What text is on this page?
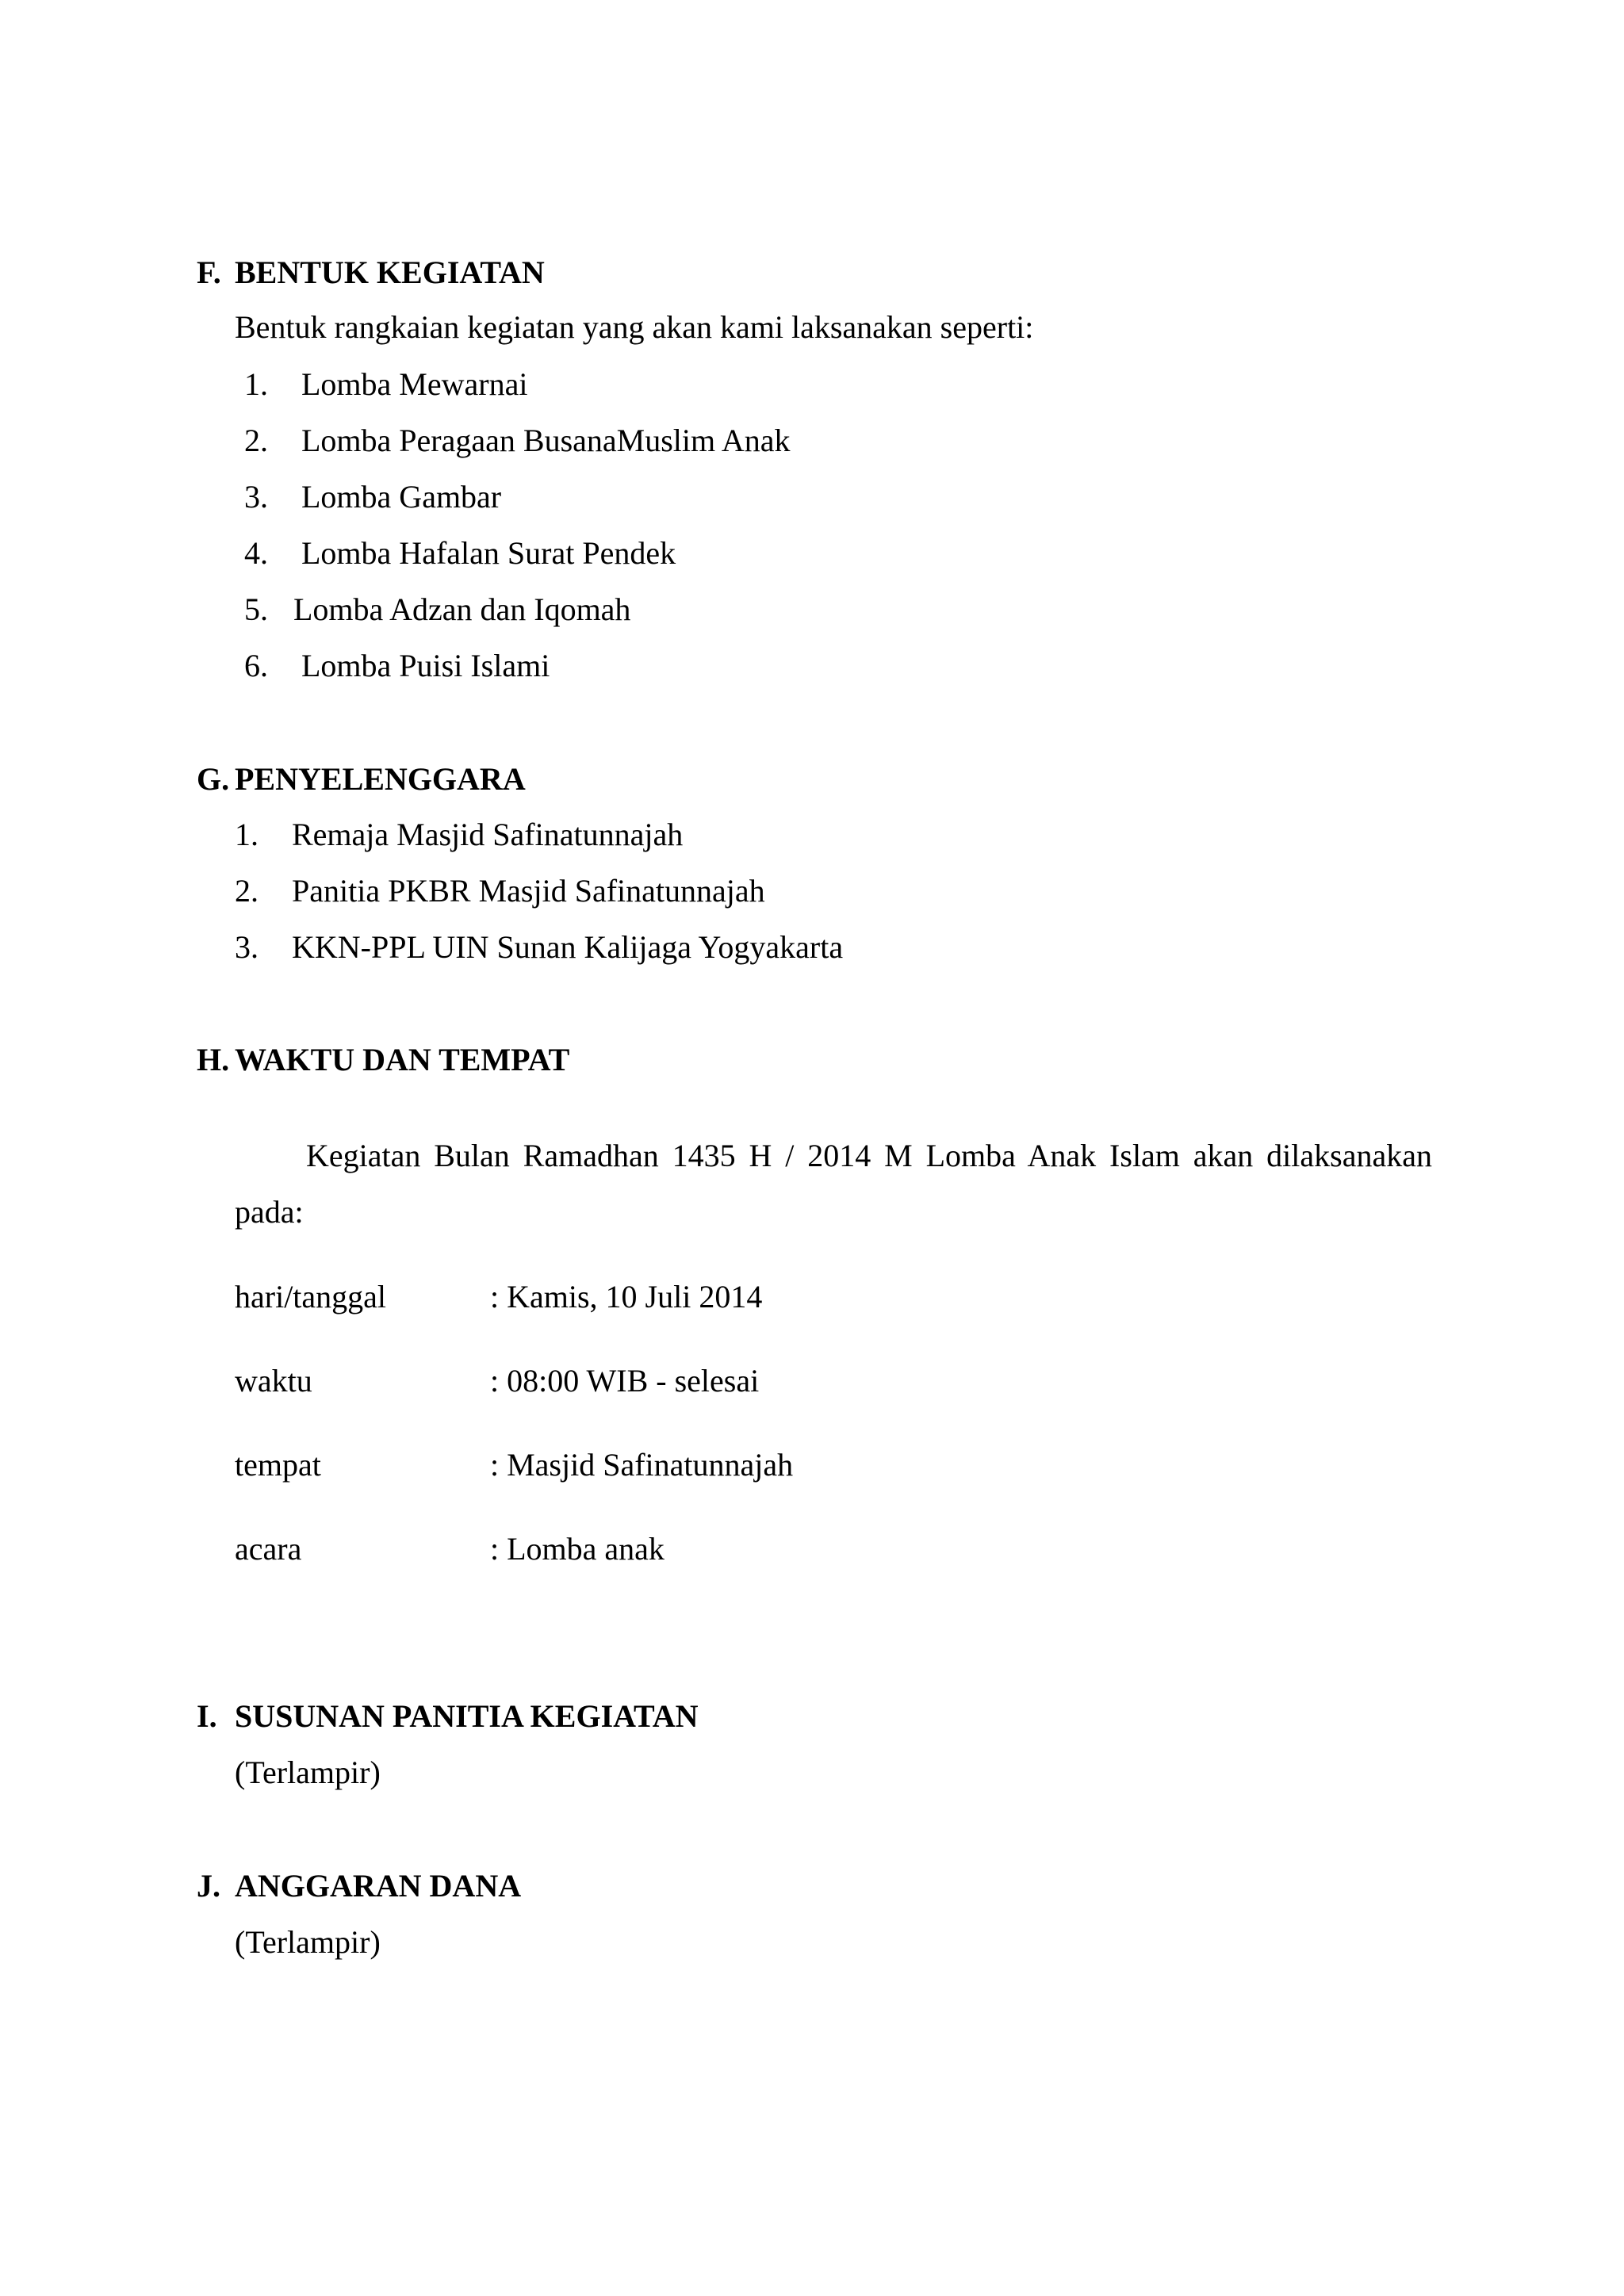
F. BENTUK KEGIATAN
Bentuk rangkaian kegiatan yang akan kami laksanakan seperti:
1. Lomba Mewarnai
2. Lomba Peragaan BusanaMuslim Anak
3. Lomba Gambar
4. Lomba Hafalan Surat Pendek
5. Lomba Adzan dan Iqomah
6. Lomba Puisi Islami
G. PENYELENGGARA
1. Remaja Masjid Safinatunnajah
2. Panitia PKBR Masjid Safinatunnajah
3. KKN-PPL UIN Sunan Kalijaga Yogyakarta
H. WAKTU DAN TEMPAT
Kegiatan Bulan Ramadhan 1435 H / 2014 M Lomba Anak Islam akan dilaksanakan
pada:
hari/tanggal	: Kamis, 10 Juli 2014
waktu	: 08:00 WIB - selesai
tempat	: Masjid Safinatunnajah
acara	: Lomba anak
I. SUSUNAN PANITIA KEGIATAN
(Terlampir)
J. ANGGARAN DANA
(Terlampir)
